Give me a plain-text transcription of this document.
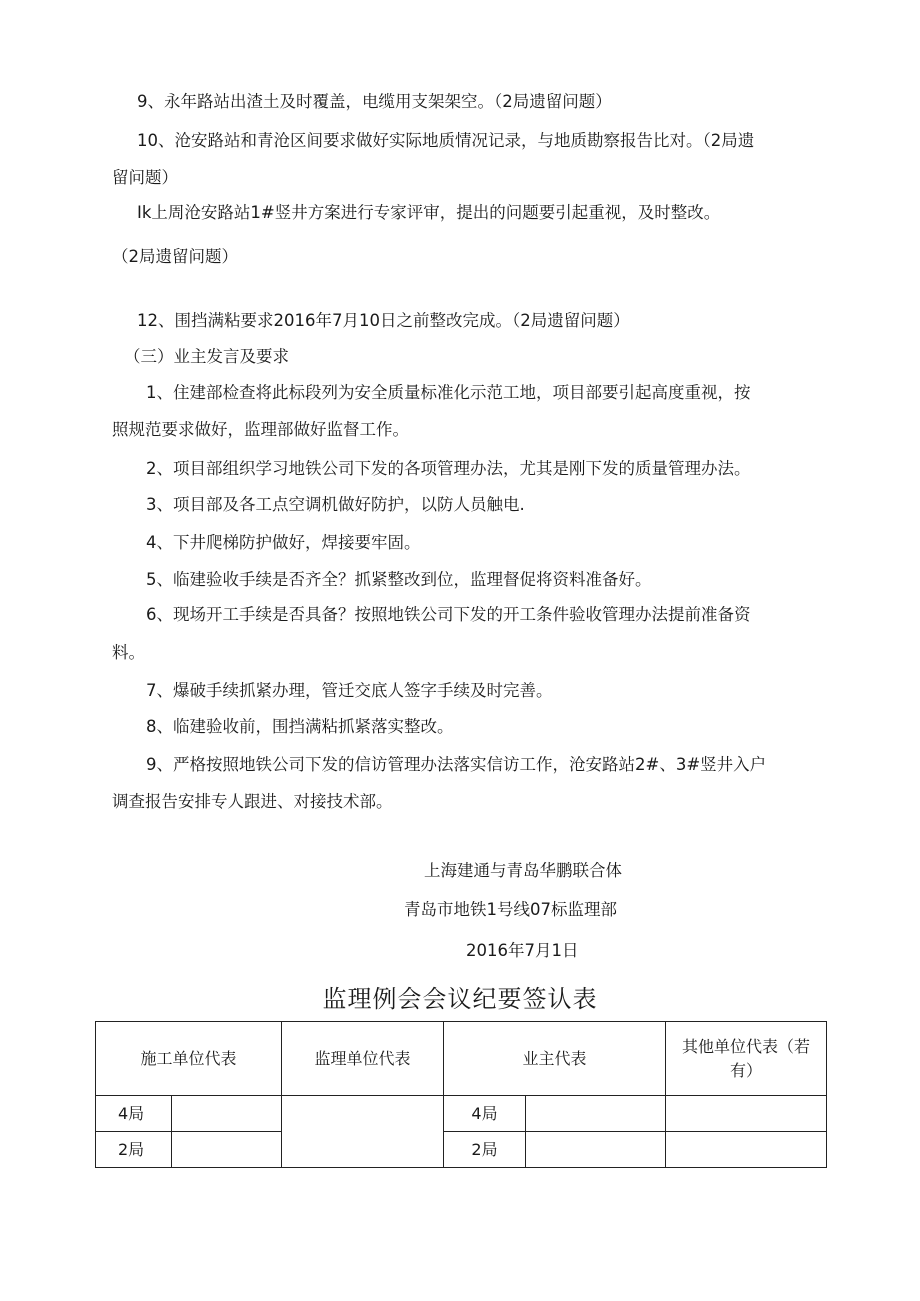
9、永年路站出渣土及时覆盖，电缆用支架架空。（2局遗留问题）
10、沧安路站和青沧区间要求做好实际地质情况记录，与地质勘察报告比对。（2局遗
留问题）
Ik上周沧安路站1#竖井方案进行专家评审，提出的问题要引起重视，及时整改。
（2局遗留问题）
12、围挡满粘要求2016年7月10日之前整改完成。（2局遗留问题）
（三）业主发言及要求
1、住建部检查将此标段列为安全质量标准化示范工地，项目部要引起高度重视，按
照规范要求做好，监理部做好监督工作。
2、项目部组织学习地铁公司下发的各项管理办法，尤其是刚下发的质量管理办法。
3、项目部及各工点空调机做好防护，以防人员触电.
4、下井爬梯防护做好，焊接要牢固。
5、临建验收手续是否齐全？抓紧整改到位，监理督促将资料准备好。
6、现场开工手续是否具备？按照地铁公司下发的开工条件验收管理办法提前准备资
料。
7、爆破手续抓紧办理，管迁交底人签字手续及时完善。
8、临建验收前，围挡满粘抓紧落实整改。
9、严格按照地铁公司下发的信访管理办法落实信访工作，沧安路站2#、3#竖井入户
调查报告安排专人跟进、对接技术部。
上海建通与青岛华鹏联合体
青岛市地铁1号线07标监理部
2016年7月1日
监理例会会议纪要签认表
施工单位代表		监理单位代表	业主代表		其他单位代表（若
有）
4局			4局		
2局			2局		
